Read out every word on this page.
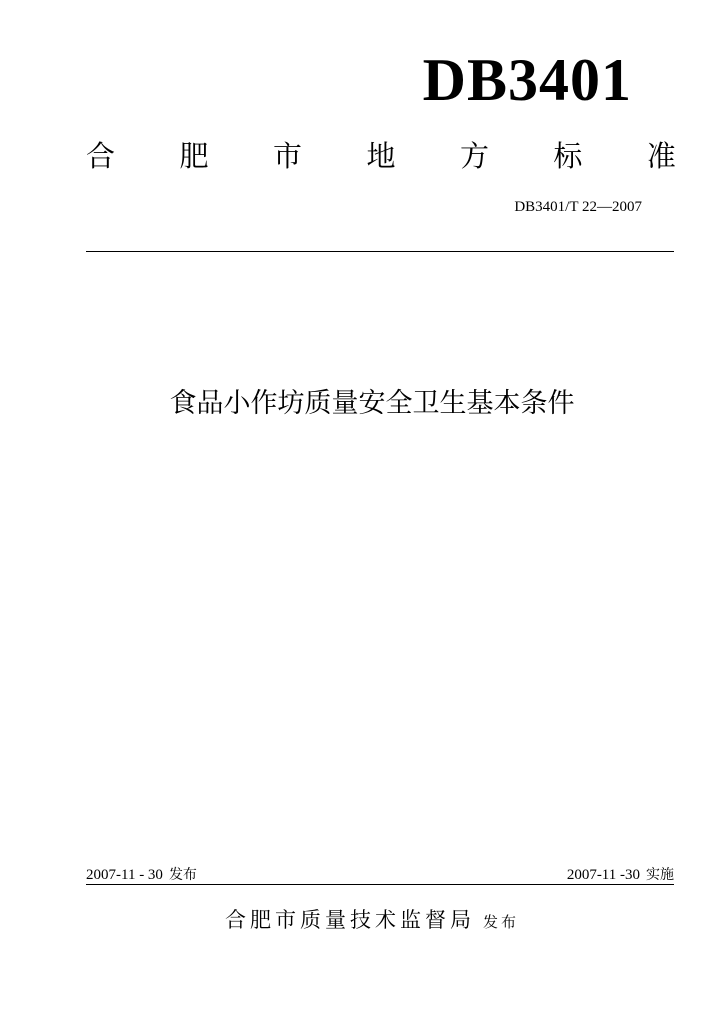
DB3401
合 肥 市 地 方 标 准
DB3401/T 22—2007
食品小作坊质量安全卫生基本条件
2007-11 - 30 发布	2007-11 -30 实施
合肥市质量技术监督局 发布
